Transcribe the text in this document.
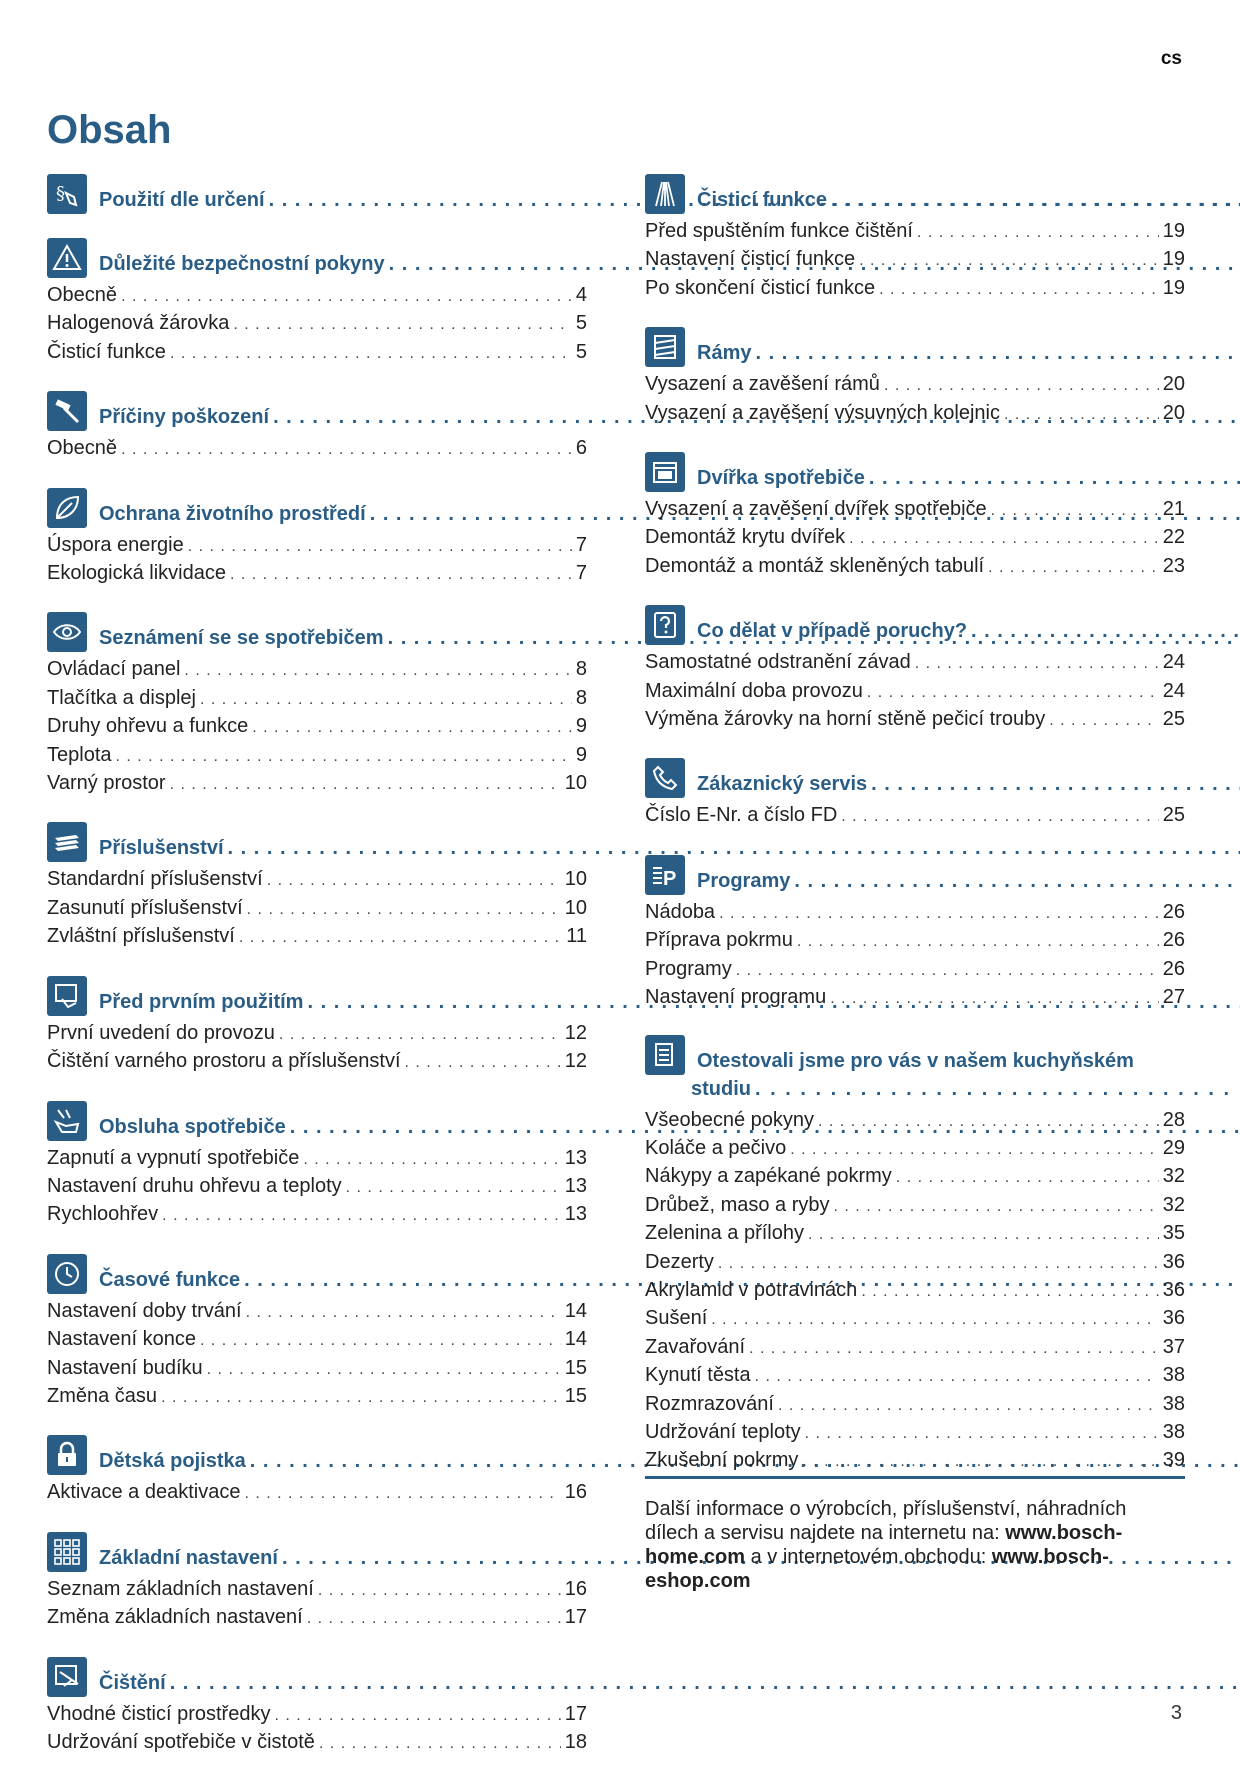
cs
Obsah
§ Použití dle určení
. . .
Důležité bezpečnostní pokyny
. . .
Obecně . . .	4
Halogenová žárovka . . .	5
Čisticí funkce . . .	5
Příčiny poškození
. . .
Obecně . . .	6
Ochrana životního prostředí
. . .
Úspora energie . . .	7
Ekologická likvidace . . .	7
Seznámení se se spotřebičem
. . .
Ovládací panel . . .	8
Tlačítka a displej . . .	8
Druhy ohřevu a funkce . . .	9
Teplota . . .	9
Varný prostor . . .	10
Příslušenství
. . .
Standardní příslušenství . . .	10
Zasunutí příslušenství . . .	10
Zvláštní příslušenství . . .	11
Před prvním použitím
. . .
První uvedení do provozu . . .	12
Čištění varného prostoru a příslušenství . . .	12
Obsluha spotřebiče
. . .
Zapnutí a vypnutí spotřebiče . . .	13
Nastavení druhu ohřevu a teploty . . .	13
Rychloohřev . . .	13
Časové funkce
. . .
Nastavení doby trvání . . .	14
Nastavení konce . . .	14
Nastavení budíku . . .	15
Změna času . . .	15
Dětská pojistka
. . .
Aktivace a deaktivace . . .	16
Základní nastavení
. . .
Seznam základních nastavení . . .	16
Změna základních nastavení . . .	17
Čištění
. . .
Vhodné čisticí prostředky . . .	17
Udržování spotřebiče v čistotě . . .	18
Čisticí funkce
. . .
Před spuštěním funkce čištění . . .	19
Nastavení čisticí funkce . . .	19
Po skončení čisticí funkce . . .	19
Rámy
. . .
Vysazení a zavěšení rámů . . .	20
Vysazení a zavěšení výsuvných kolejnic . . .	20
Dvířka spotřebiče
. . .
Vysazení a zavěšení dvířek spotřebiče . . .	21
Demontáž krytu dvířek . . .	22
Demontáž a montáž skleněných tabulí . . .	23
Co dělat v případě poruchy?
. . .
Samostatné odstranění závad . . .	24
Maximální doba provozu . . .	24
Výměna žárovky na horní stěně pečicí trouby . . .	25
Zákaznický servis
. . .
Číslo E-Nr. a číslo FD . . .	25
P Programy
. . .
Nádoba . . .	26
Příprava pokrmu . . .	26
Programy . . .	26
Nastavení programu . . .	27
Otestovali jsme pro vás v našem kuchyňském
studiu
. . .
Všeobecné pokyny . . .	28
Koláče a pečivo . . .	29
Nákypy a zapékané pokrmy . . .	32
Drůbež, maso a ryby . . .	32
Zelenina a přílohy . . .	35
Dezerty . . .	36
Akrylamid v potravinách . . .	36
Sušení . . .	36
Zavařování . . .	37
Kynutí těsta . . .	38
Rozmrazování . . .	38
Udržování teploty . . .	38
Zkušební pokrmy . . .	39

Další informace o výrobcích, příslušenství, náhradních dílech a servisu najdete na internetu na: www.bosch-home.com a v internetovém obchodu: www.bosch-eshop.com

3
